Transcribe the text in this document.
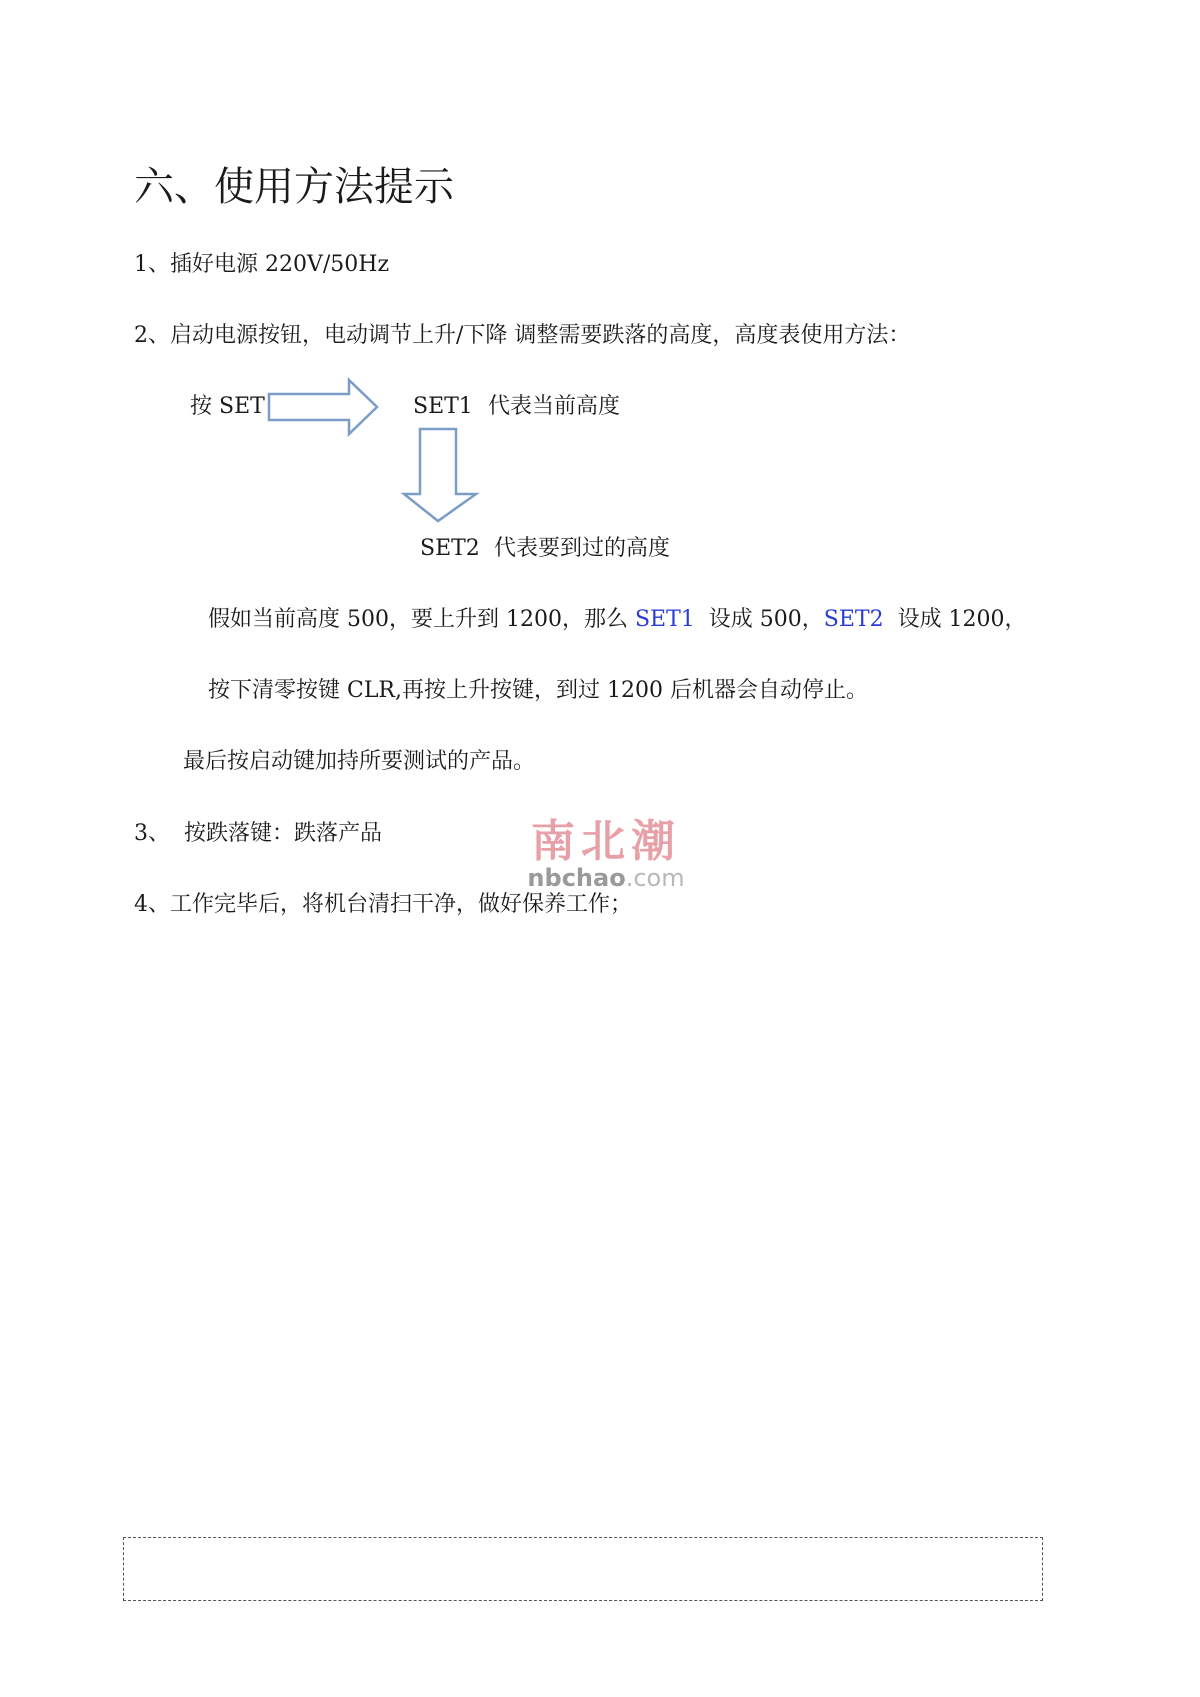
六、使用方法提示
1、插好电源 220V/50Hz
2、启动电源按钮，电动调节上升/下降 调整需要跌落的高度，高度表使用方法：
按 SET	SET1 代表当前高度
SET2 代表要到过的高度
假如当前高度 500，要上升到 1200，那么 SET1  设成 500，SET2  设成 1200，
按下清零按键 CLR,再按上升按键，到过 1200 后机器会自动停止。
最后按启动键加持所要测试的产品。
3、  按跌落键：跌落产品	南北潮
nbchao.com
4、工作完毕后，将机台清扫干净，做好保养工作；
